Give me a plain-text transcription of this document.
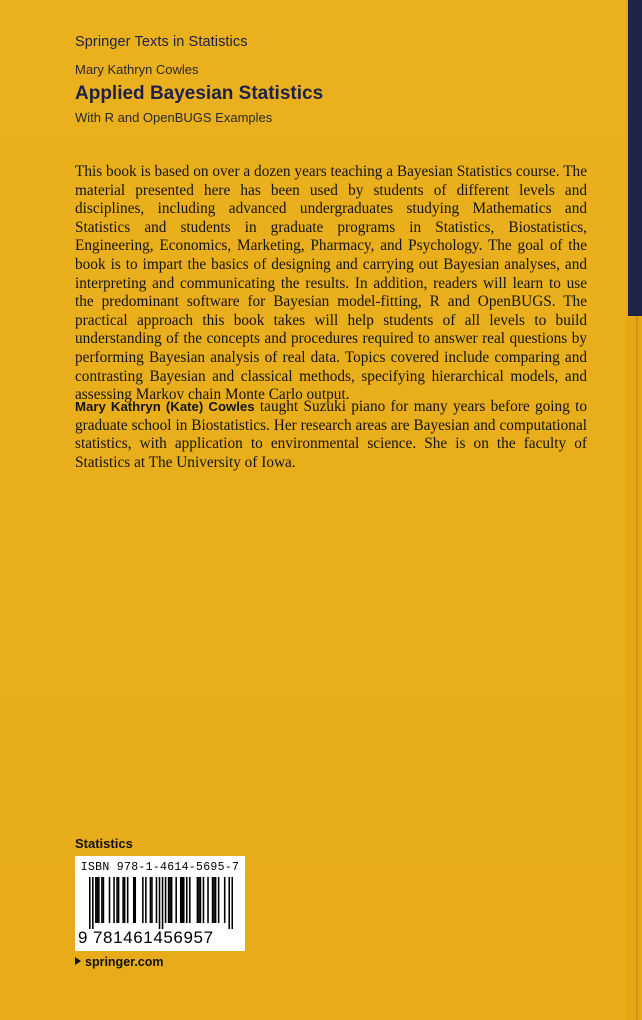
Springer Texts in Statistics
Mary Kathryn Cowles
Applied Bayesian Statistics
With R and OpenBUGS Examples

This book is based on over a dozen years teaching a Bayesian Statistics course. The material presented here has been used by students of different levels and disciplines, including advanced undergraduates studying Mathematics and Statistics and students in graduate programs in Statistics, Biostatistics, Engineering, Economics, Marketing, Pharmacy, and Psychology. The goal of the book is to impart the basics of designing and carrying out Bayesian analyses, and interpreting and communicating the results. In addition, readers will learn to use the predominant software for Bayesian model-fitting, R and OpenBUGS. The practical approach this book takes will help students of all levels to build understanding of the concepts and procedures required to answer real questions by performing Bayesian analysis of real data. Topics covered include comparing and contrasting Bayesian and classical methods, specifying hierarchical models, and assessing Markov chain Monte Carlo output.

Mary Kathryn (Kate) Cowles taught Suzuki piano for many years before going to graduate school in Biostatistics. Her research areas are Bayesian and computational statistics, with application to environmental science. She is on the faculty of Statistics at The University of Iowa.

Statistics
ISBN 978-1-4614-5695-7
9 781461456957
springer.com
